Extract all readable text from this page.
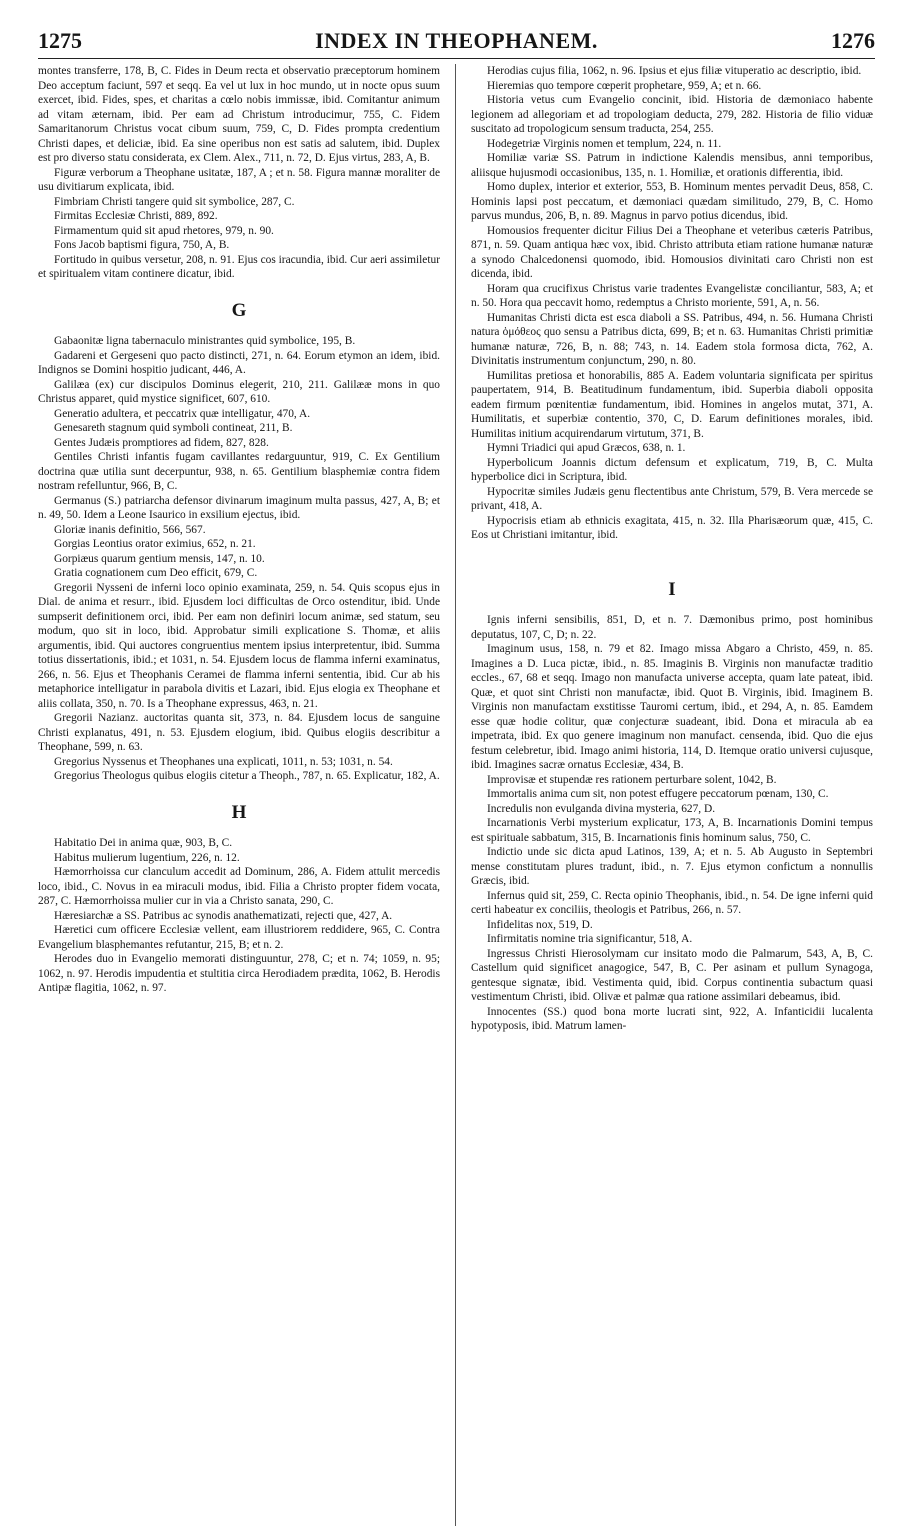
1275	INDEX IN THEOPHANEM.	1276

montes transferre, 178, B, C. Fides in Deum recta et observatio præceptorum hominem Deo acceptum faciunt, 597 et seqq. Ea vel ut lux in hoc mundo, ut in nocte opus suum exercet, ibid. Fides, spes, et charitas a cœlo nobis immissæ, ibid. Comitantur animum ad vitam æternam, ibid. Per eam ad Christum introducimur, 755, C. Fidem Samaritanorum Christus vocat cibum suum, 759, C, D. Fides prompta credentium Christi dapes, et deliciæ, ibid. Ea sine operibus non est satis ad salutem, ibid. Duplex est pro diverso statu considerata, ex Clem. Alex., 711, n. 72, D. Ejus virtus, 283, A, B.

Figuræ verborum a Theophane usitatæ, 187, A ; et n. 58. Figura mannæ moraliter de usu divitiarum explicata, ibid.

Fimbriam Christi tangere quid sit symbolice, 287, C.

Firmitas Ecclesiæ Christi, 889, 892.

Firmamentum quid sit apud rhetores, 979, n. 90.

Fons Jacob baptismi figura, 750, A, B.

Fortitudo in quibus versetur, 208, n. 91. Ejus cos iracundia, ibid. Cur aeri assimiletur et spiritualem vitam continere dicatur, ibid.

G

Gabaonitæ ligna tabernaculo ministrantes quid symbolice, 195, B.

Gadareni et Gergeseni quo pacto distincti, 271, n. 64. Eorum etymon an idem, ibid. Indignos se Domini hospitio judicant, 446, A.

Galilæa (ex) cur discipulos Dominus elegerit, 210, 211. Galilææ mons in quo Christus apparet, quid mystice significet, 607, 610.

Generatio adultera, et peccatrix quæ intelligatur, 470, A.

Genesareth stagnum quid symboli contineat, 211, B.

Gentes Judæis promptiores ad fidem, 827, 828.

Gentiles Christi infantis fugam cavillantes redarguuntur, 919, C. Ex Gentilium doctrina quæ utilia sunt decerpuntur, 938, n. 65. Gentilium blasphemiæ contra fidem nostram refelluntur, 966, B, C.

Germanus (S.) patriarcha defensor divinarum imaginum multa passus, 427, A, B; et n. 49, 50. Idem a Leone Isaurico in exsilium ejectus, ibid.

Gloriæ inanis definitio, 566, 567.

Gorgias Leontius orator eximius, 652, n. 21.

Gorpiæus quarum gentium mensis, 147, n. 10.

Gratia cognationem cum Deo efficit, 679, C.

Gregorii Nysseni de inferni loco opinio examinata, 259, n. 54. Quis scopus ejus in Dial. de anima et resurr., ibid. Ejusdem loci difficultas de Orco ostenditur, ibid. Unde sumpserit definitionem orci, ibid. Per eam non definiri locum animæ, sed statum, seu modum, quo sit in loco, ibid. Approbatur simili explicatione S. Thomæ, et aliis argumentis, ibid. Qui auctores congruentius mentem ipsius interpretentur, ibid. Summa totius dissertationis, ibid.; et 1031, n. 54. Ejusdem locus de flamma inferni examinatus, 266, n. 56. Ejus et Theophanis Ceramei de flamma inferni sententia, ibid. Cur ab his metaphorice intelligatur in parabola divitis et Lazari, ibid. Ejus elogia ex Theophane et aliis collata, 350, n. 70. Is a Theophane expressus, 463, n. 21.

Gregorii Nazianz. auctoritas quanta sit, 373, n. 84. Ejusdem locus de sanguine Christi explanatus, 491, n. 53. Ejusdem elogium, ibid. Quibus elogiis describitur a Theophane, 599, n. 63.

Gregorius Nyssenus et Theophanes una explicati, 1011, n. 53; 1031, n. 54.

Gregorius Theologus quibus elogiis citetur a Theoph., 787, n. 65. Explicatur, 182, A.

H

Habitatio Dei in anima quæ, 903, B, C.

Habitus mulierum lugentium, 226, n. 12.

Hæmorrhoissa cur clanculum accedit ad Dominum, 286, A. Fidem attulit mercedis loco, ibid., C. Novus in ea miraculi modus, ibid. Filia a Christo propter fidem vocata, 287, C. Hæmorrhoissa mulier cur in via a Christo sanata, 290, C.

Hæresiarchæ a SS. Patribus ac synodis anathematizati, rejecti que, 427, A.

Hæretici cum officere Ecclesiæ vellent, eam illustriorem reddidere, 965, C. Contra Evangelium blasphemantes refutantur, 215, B; et n. 2.

Herodes duo in Evangelio memorati distinguuntur, 278, C; et n. 74; 1059, n. 95; 1062, n. 97. Herodis impudentia et stultitia circa Herodiadem prædita, 1062, B. Herodis Antipæ flagitia, 1062, n. 97.

Herodias cujus filia, 1062, n. 96. Ipsius et ejus filiæ vituperatio ac descriptio, ibid.

Hieremias quo tempore cœperit prophetare, 959, A; et n. 66.

Historia vetus cum Evangelio concinit, ibid. Historia de dæmoniaco habente legionem ad allegoriam et ad tropologiam deducta, 279, 282. Historia de filio viduæ suscitato ad tropologicum sensum traducta, 254, 255.

Hodegetriæ Virginis nomen et templum, 224, n. 11.

Homiliæ variæ SS. Patrum in indictione Kalendis mensibus, anni temporibus, aliisque hujusmodi occasionibus, 135, n. 1. Homiliæ, et orationis differentia, ibid.

Homo duplex, interior et exterior, 553, B. Hominum mentes pervadit Deus, 858, C. Hominis lapsi post peccatum, et dæmoniaci quædam similitudo, 279, B, C. Homo parvus mundus, 206, B, n. 89. Magnus in parvo potius dicendus, ibid.

Homousios frequenter dicitur Filius Dei a Theophane et veteribus cæteris Patribus, 871, n. 59. Quam antiqua hæc vox, ibid. Christo attributa etiam ratione humanæ naturæ a synodo Chalcedonensi quomodo, ibid. Homousios divinitati caro Christi non est dicenda, ibid.

Horam qua crucifixus Christus varie tradentes Evangelistæ conciliantur, 583, A; et n. 50. Hora qua peccavit homo, redemptus a Christo moriente, 591, A, n. 56.

Humanitas Christi dicta est esca diaboli a SS. Patribus, 494, n. 56. Humana Christi natura ὁμόθεος quo sensu a Patribus dicta, 699, B; et n. 63. Humanitas Christi primitiæ humanæ naturæ, 726, B, n. 88; 743, n. 14. Eadem stola formosa dicta, 762, A. Divinitatis instrumentum conjunctum, 290, n. 80.

Humilitas pretiosa et honorabilis, 885 A. Eadem voluntaria significata per spiritus paupertatem, 914, B. Beatitudinum fundamentum, ibid. Superbia diaboli opposita eadem firmum pœnitentiæ fundamentum, ibid. Homines in angelos mutat, 371, A. Humilitatis, et superbiæ contentio, 370, C, D. Earum definitiones morales, ibid. Humilitas initium acquirendarum virtutum, 371, B.

Hymni Triadici qui apud Græcos, 638, n. 1.

Hyperbolicum Joannis dictum defensum et explicatum, 719, B, C. Multa hyperbolice dici in Scriptura, ibid.

Hypocritæ similes Judæis genu flectentibus ante Christum, 579, B. Vera mercede se privant, 418, A.

Hypocrisis etiam ab ethnicis exagitata, 415, n. 32. Illa Pharisæorum quæ, 415, C. Eos ut Christiani imitantur, ibid.

I

Ignis inferni sensibilis, 851, D, et n. 7. Dæmonibus primo, post hominibus deputatus, 107, C, D; n. 22.

Imaginum usus, 158, n. 79 et 82. Imago missa Abgaro a Christo, 459, n. 85. Imagines a D. Luca pictæ, ibid., n. 85. Imaginis B. Virginis non manufactæ traditio eccles., 67, 68 et seqq. Imago non manufacta universe accepta, quam late pateat, ibid. Quæ, et quot sint Christi non manufactæ, ibid. Quot B. Virginis, ibid. Imaginem B. Virginis non manufactam exstitisse Tauromi certum, ibid., et 294, A, n. 85. Eamdem esse quæ hodie colitur, quæ conjecturæ suadeant, ibid. Dona et miracula ab ea impetrata, ibid. Ex quo genere imaginum non manufact. censenda, ibid. Quo die ejus festum celebretur, ibid. Imago animi historia, 114, D. Itemque oratio universi cujusque, ibid. Imagines sacræ ornatus Ecclesiæ, 434, B.

Improvisæ et stupendæ res rationem perturbare solent, 1042, B.

Immortalis anima cum sit, non potest effugere peccatorum pœnam, 130, C.

Incredulis non evulganda divina mysteria, 627, D.

Incarnationis Verbi mysterium explicatur, 173, A, B. Incarnationis Domini tempus est spirituale sabbatum, 315, B. Incarnationis finis hominum salus, 750, C.

Indictio unde sic dicta apud Latinos, 139, A; et n. 5. Ab Augusto in Septembri mense constitutam plures tradunt, ibid., n. 7. Ejus etymon confictum a nonnullis Græcis, ibid.

Infernus quid sit, 259, C. Recta opinio Theophanis, ibid., n. 54. De igne inferni quid certi habeatur ex conciliis, theologis et Patribus, 266, n. 57.

Infidelitas nox, 519, D.

Infirmitatis nomine tria significantur, 518, A.

Ingressus Christi Hierosolymam cur insitato modo die Palmarum, 543, A, B, C. Castellum quid significet anagogice, 547, B, C. Per asinam et pullum Synagoga, gentesque signatæ, ibid. Vestimenta quid, ibid. Corpus continentia subactum quasi vestimentum Christi, ibid. Olivæ et palmæ qua ratione assimilari debeamus, ibid.

Innocentes (SS.) quod bona morte lucrati sint, 922, A. Infanticidii lucalenta hypotyposis, ibid. Matrum lamen-
